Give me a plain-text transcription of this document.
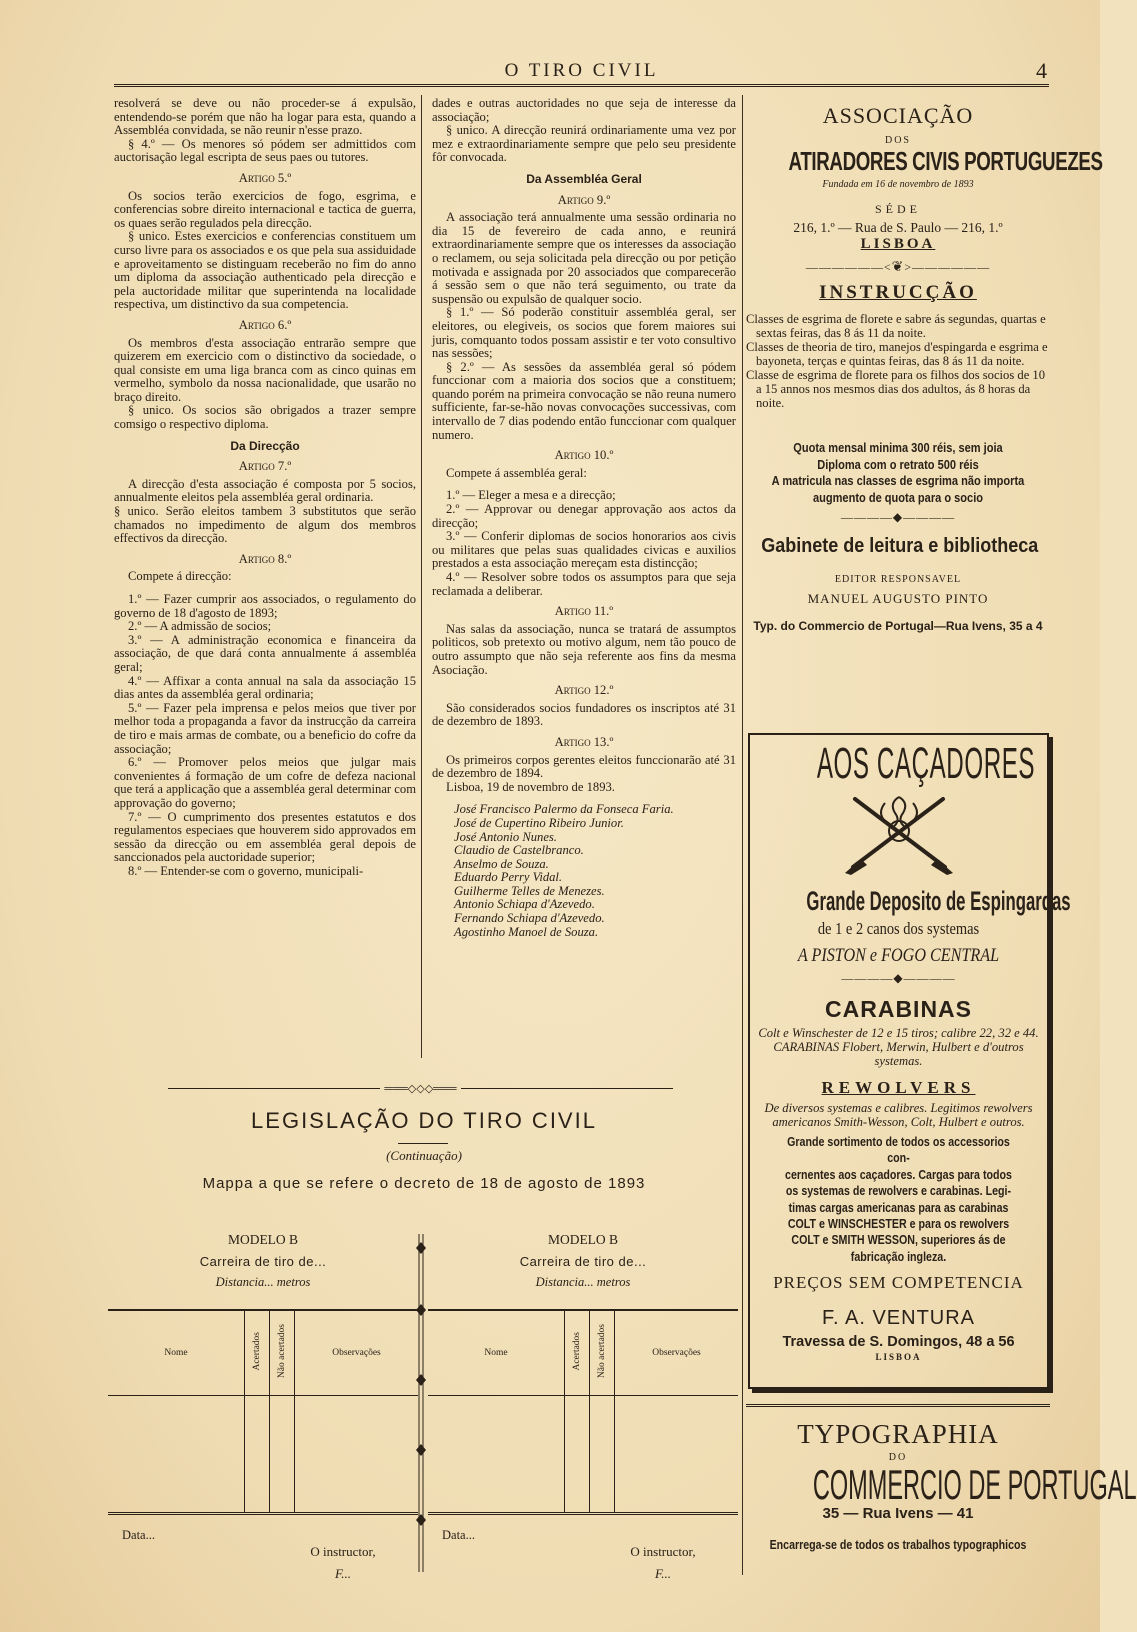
O TIRO CIVIL	4

resolverá se deve ou não proceder-se á expulsão, entendendo-se porém que não ha logar para esta, quando a Assembléa convidada, se não reunir n'esse prazo.

§ 4.º — Os menores só pódem ser admittidos com auctorisação legal escripta de seus paes ou tutores.

Artigo 5.º

Os socios terão exercicios de fogo, esgrima, e conferencias sobre direito internacional e tactica de guerra, os quaes serão regulados pela direcção.

§ unico. Estes exercicios e conferencias constituem um curso livre para os associados e os que pela sua assiduidade e aproveitamento se distinguam receberão no fim do anno um diploma da associação authenticado pela direcção e pela auctoridade militar que superintenda na localidade respectiva, um distinctivo da sua competencia.

Artigo 6.º

Os membros d'esta associação entrarão sempre que quizerem em exercicio com o distinctivo da sociedade, o qual consiste em uma liga branca com as cinco quinas em vermelho, symbolo da nossa nacionalidade, que usarão no braço direito.

§ unico. Os socios são obrigados a trazer sempre comsigo o respectivo diploma.

Da Direcção

Artigo 7.º

A direcção d'esta associação é composta por 5 socios, annualmente eleitos pela assembléa geral ordinaria.

§ unico. Serão eleitos tambem 3 substitutos que serão chamados no impedimento de algum dos membros effectivos da direcção.

Artigo 8.º

Compete á direcção:

1.º — Fazer cumprir aos associados, o regulamento do governo de 18 d'agosto de 1893;

2.º — A admissão de socios;

3.º — A administração economica e financeira da associação, de que dará conta annualmente á assembléa geral;

4.º — Affixar a conta annual na sala da associação 15 dias antes da assembléa geral ordinaria;

5.º — Fazer pela imprensa e pelos meios que tiver por melhor toda a propaganda a favor da instrucção da carreira de tiro e mais armas de combate, ou a beneficio do cofre da associação;

6.º — Promover pelos meios que julgar mais convenientes á formação de um cofre de defeza nacional que terá a applicação que a assembléa geral determinar com approvação do governo;

7.º — O cumprimento dos presentes estatutos e dos regulamentos especiaes que houverem sido approvados em sessão da direcção ou em assembléa geral depois de sanccionados pela auctoridade superior;

8.º — Entender-se com o governo, municipali-

dades e outras auctoridades no que seja de interesse da associação;

§ unico. A direcção reunirá ordinariamente uma vez por mez e extraordinariamente sempre que pelo seu presidente fôr convocada.

Da Assembléa Geral

Artigo 9.º

A associação terá annualmente uma sessão ordinaria no dia 15 de fevereiro de cada anno, e reunirá extraordinariamente sempre que os interesses da associação o reclamem, ou seja solicitada pela direcção ou por petição motivada e assignada por 20 associados que comparecerão á sessão sem o que não terá seguimento, ou trate da suspensão ou expulsão de qualquer socio.

§ 1.º — Só poderão constituir assembléa geral, ser eleitores, ou elegiveis, os socios que forem maiores sui juris, comquanto todos possam assistir e ter voto consultivo nas sessões;

§ 2.º — As sessões da assembléa geral só pódem funccionar com a maioria dos socios que a constituem; quando porém na primeira convocação se não reuna numero sufficiente, far-se-hão novas convocações successivas, com intervallo de 7 dias podendo então funccionar com qualquer numero.

Artigo 10.º

Compete á assembléa geral:

1.º — Eleger a mesa e a direcção;

2.º — Approvar ou denegar approvação aos actos da direcção;

3.º — Conferir diplomas de socios honorarios aos civis ou militares que pelas suas qualidades civicas e auxilios prestados a esta associação mereçam esta distincção;

4.º — Resolver sobre todos os assumptos para que seja reclamada a deliberar.

Artigo 11.º

Nas salas da associação, nunca se tratará de assumptos politicos, sob pretexto ou motivo algum, nem tão pouco de outro assumpto que não seja referente aos fins da mesma Asociação.

Artigo 12.º

São considerados socios fundadores os inscriptos até 31 de dezembro de 1893.

Artigo 13.º

Os primeiros corpos gerentes eleitos funccionarão até 31 de dezembro de 1894.

Lisboa, 19 de novembro de 1893.

José Francisco Palermo da Fonseca Faria.

José de Cupertino Ribeiro Junior.

José Antonio Nunes.

Claudio de Castelbranco.

Anselmo de Souza.

Eduardo Perry Vidal.

Guilherme Telles de Menezes.

Antonio Schiapa d'Azevedo.

Fernando Schiapa d'Azevedo.

Agostinho Manoel de Souza.

ASSOCIAÇÃO
DOS
ATIRADORES CIVIS PORTUGUEZES
Fundada em 16 de novembro de 1893
SÉDE
216, 1.º — Rua de S. Paulo — 216, 1.º
LISBOA
——————<❦>——————
INSTRUCÇÃO

Classes de esgrima de florete e sabre ás segundas, quartas e sextas feiras, das 8 ás 11 da noite.

Classes de theoria de tiro, manejos d'espingarda e esgrima e bayoneta, terças e quintas feiras, das 8 ás 11 da noite.

Classe de esgrima de florete para os filhos dos socios de 10 a 15 annos nos mesmos dias dos adultos, ás 8 horas da noite.

Quota mensal minima 300 réis, sem joia
Diploma com o retrato 500 réis
A matricula nas classes de esgrima não importa
augmento de quota para o socio
————◆————
Gabinete de leitura e bibliotheca
EDITOR RESPONSAVEL
MANUEL AUGUSTO PINTO
Typ. do Commercio de Portugal—Rua Ivens, 35 a 4
AOS CAÇADORES
Grande Deposito de Espingardas
de 1 e 2 canos dos systemas
A PISTON e FOGO CENTRAL
————◆————
CARABINAS
Colt e Winschester de 12 e 15 tiros; calibre 22, 32 e 44. CARABINAS Flobert, Merwin, Hulbert e d'outros systemas.
REWOLVERS
De diversos systemas e calibres. Legitimos rewolvers americanos Smith-Wesson, Colt, Hulbert e outros.
Grande sortimento de todos os accessorios con-
cernentes aos caçadores. Cargas para todos
os systemas de rewolvers e carabinas. Legi-
timas cargas americanas para as carabinas
COLT e WINSCHESTER e para os rewolvers
COLT e SMITH WESSON, superiores ás de
fabricação ingleza.
PREÇOS SEM COMPETENCIA
F. A. VENTURA
Travessa de S. Domingos, 48 a 56
LISBOA
TYPOGRAPHIA
DO
COMMERCIO DE PORTUGAL
35 — Rua Ivens — 41
Encarrega-se de todos os trabalhos typographicos
═══◇◇◇═══
LEGISLAÇÃO DO TIRO CIVIL
(Continuação)
Mappa a que se refere o decreto de 18 de agosto de 1893
MODELO B
Carreira de tiro de...
Distancia... metros
Nome	Acertados	Não acertados	Observações

Data...
O instructor,
F...
MODELO B
Carreira de tiro de...
Distancia... metros
Nome	Acertados	Não acertados	Observações

Data...
O instructor,
F...
